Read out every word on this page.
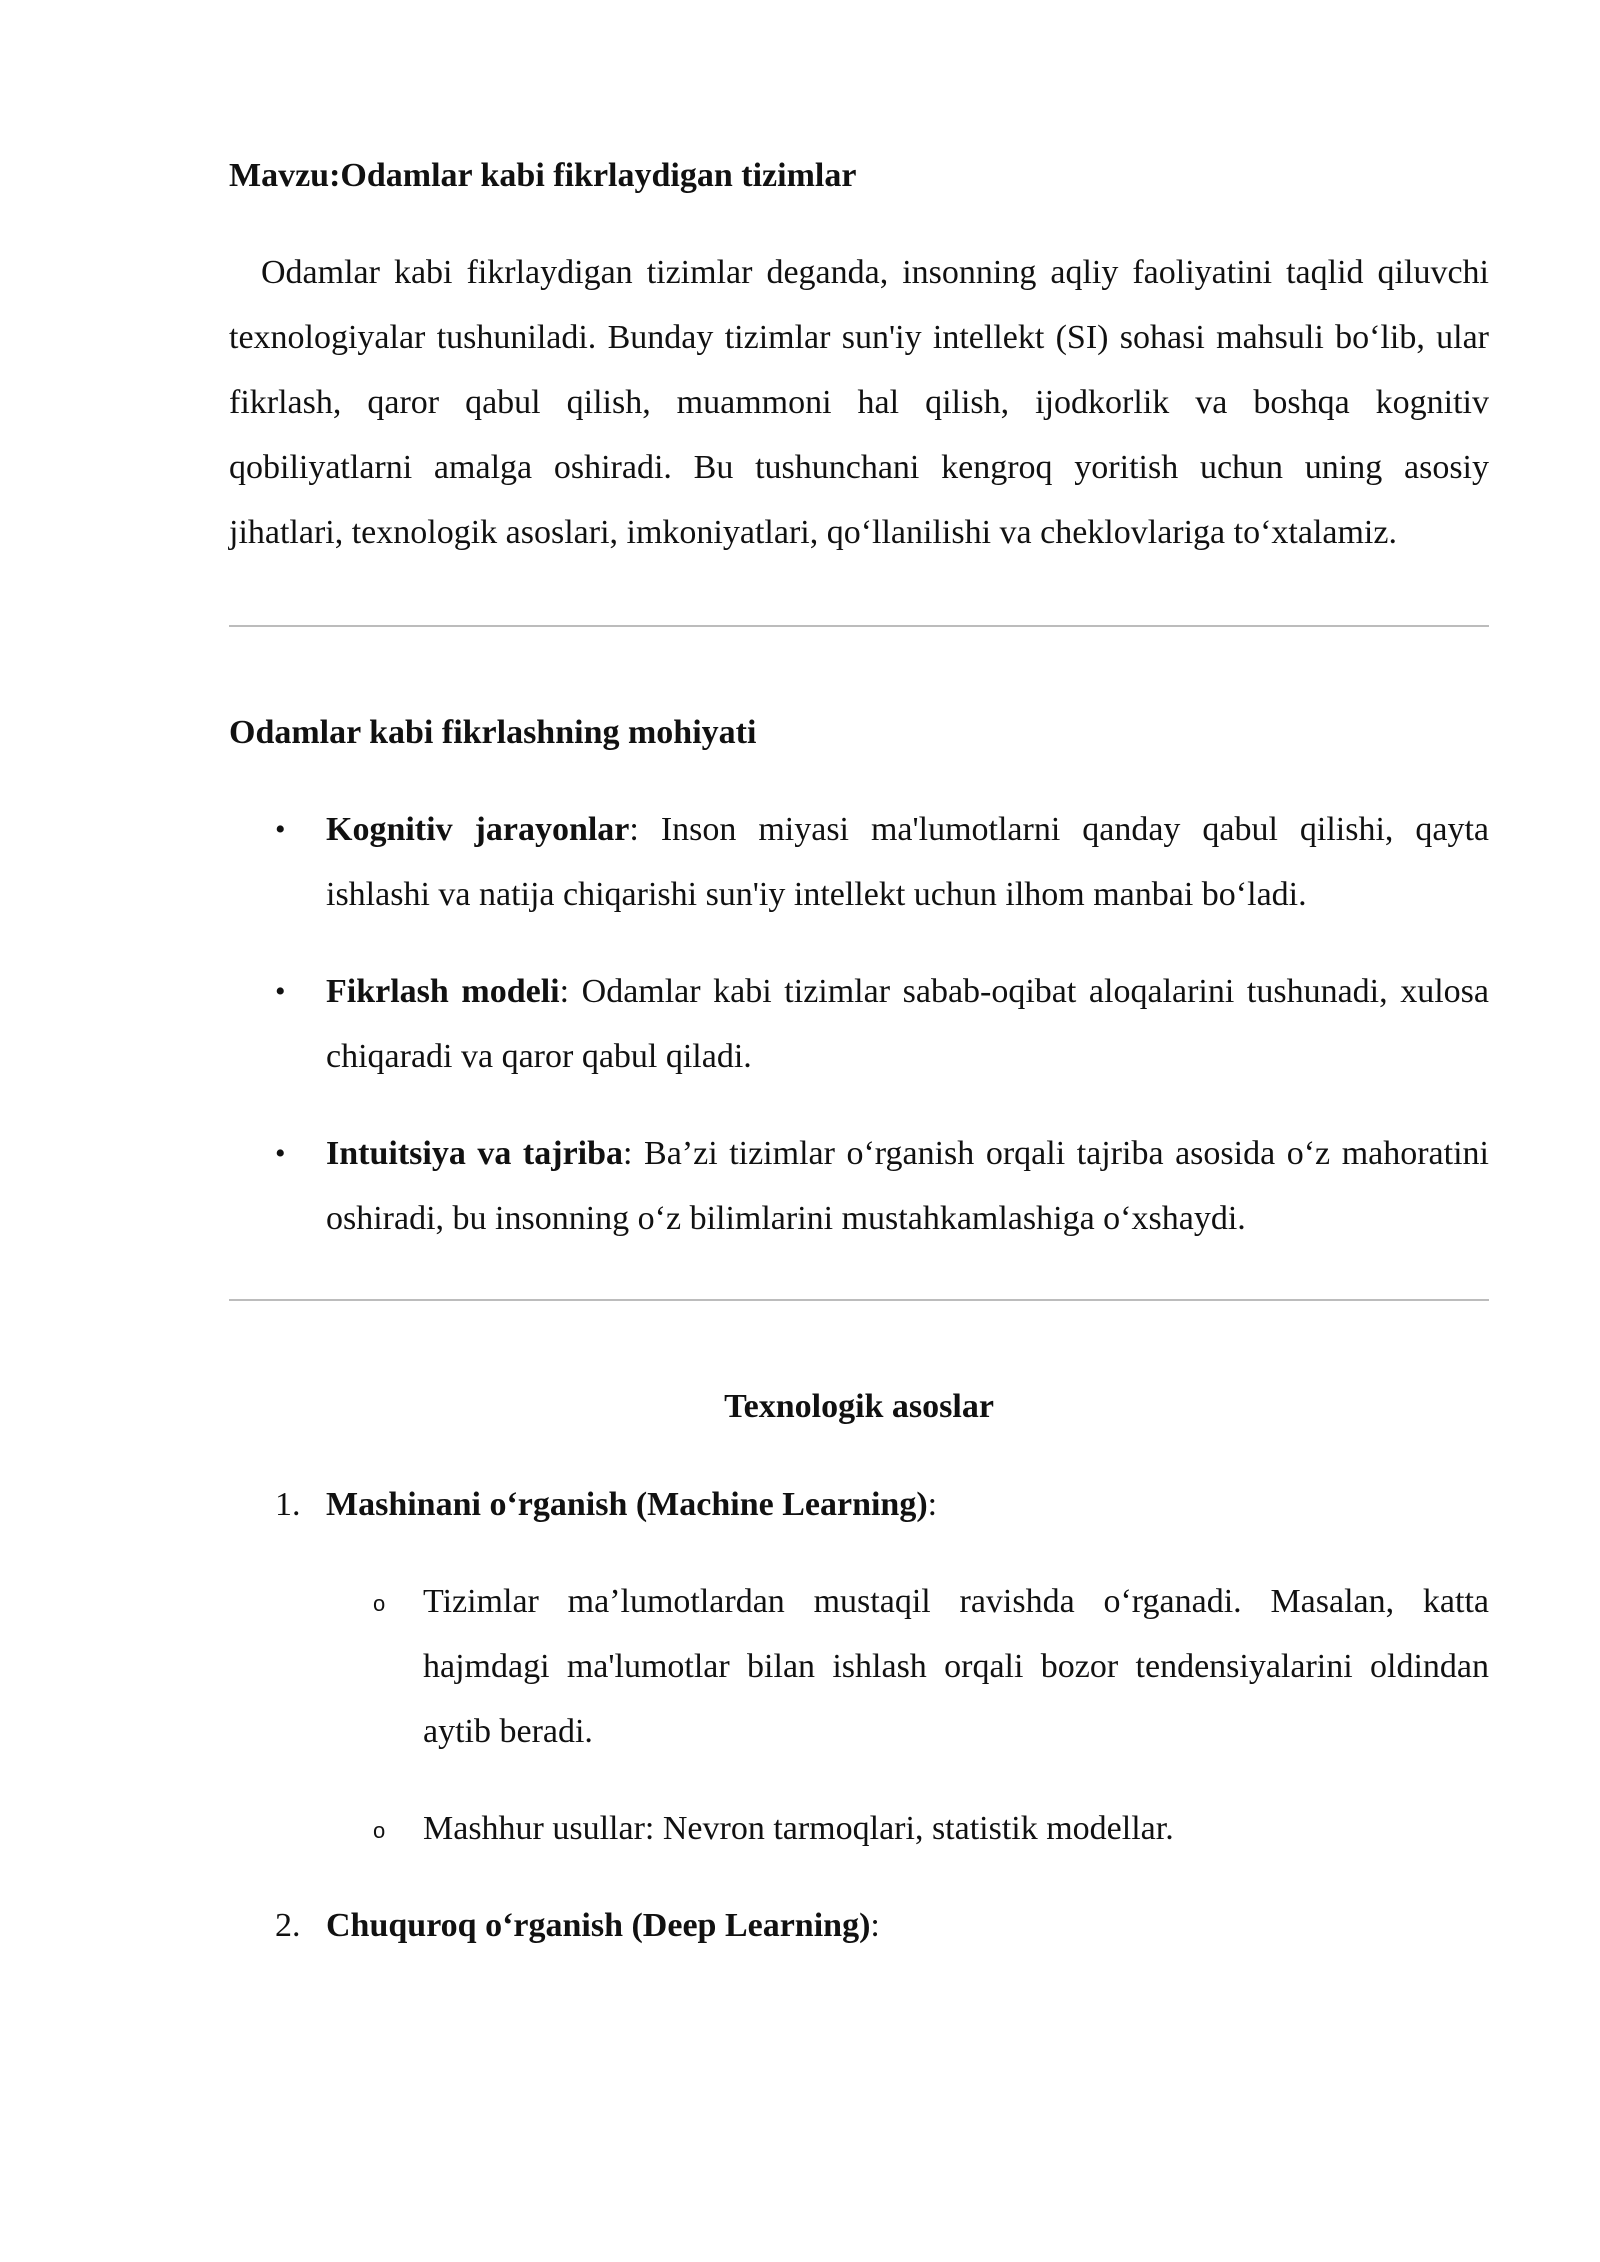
Mavzu:Odamlar kabi fikrlaydigan tizimlar

Odamlar kabi fikrlaydigan tizimlar deganda, insonning aqliy faoliyatini taqlid qiluvchi texnologiyalar tushuniladi. Bunday tizimlar sun'iy intellekt (SI) sohasi mahsuli bo‘lib, ular fikrlash, qaror qabul qilish, muammoni hal qilish, ijodkorlik va boshqa kognitiv qobiliyatlarni amalga oshiradi. Bu tushunchani kengroq yoritish uchun uning asosiy jihatlari, texnologik asoslari, imkoniyatlari, qo‘llanilishi va cheklovlariga to‘xtalamiz.

Odamlar kabi fikrlashning mohiyati
• Kognitiv jarayonlar: Inson miyasi ma'lumotlarni qanday qabul qilishi, qayta ishlashi va natija chiqarishi sun'iy intellekt uchun ilhom manbai bo‘ladi.
• Fikrlash modeli: Odamlar kabi tizimlar sabab-oqibat aloqalarini tushunadi, xulosa chiqaradi va qaror qabul qiladi.
• Intuitsiya va tajriba: Ba’zi tizimlar o‘rganish orqali tajriba asosida o‘z mahoratini oshiradi, bu insonning o‘z bilimlarini mustahkamlashiga o‘xshaydi.
Texnologik asoslar
1. Mashinani o‘rganish (Machine Learning):
o Tizimlar ma’lumotlardan mustaqil ravishda o‘rganadi. Masalan, katta hajmdagi ma'lumotlar bilan ishlash orqali bozor tendensiyalarini oldindan aytib beradi.
o Mashhur usullar: Nevron tarmoqlari, statistik modellar.
2. Chuquroq o‘rganish (Deep Learning):
